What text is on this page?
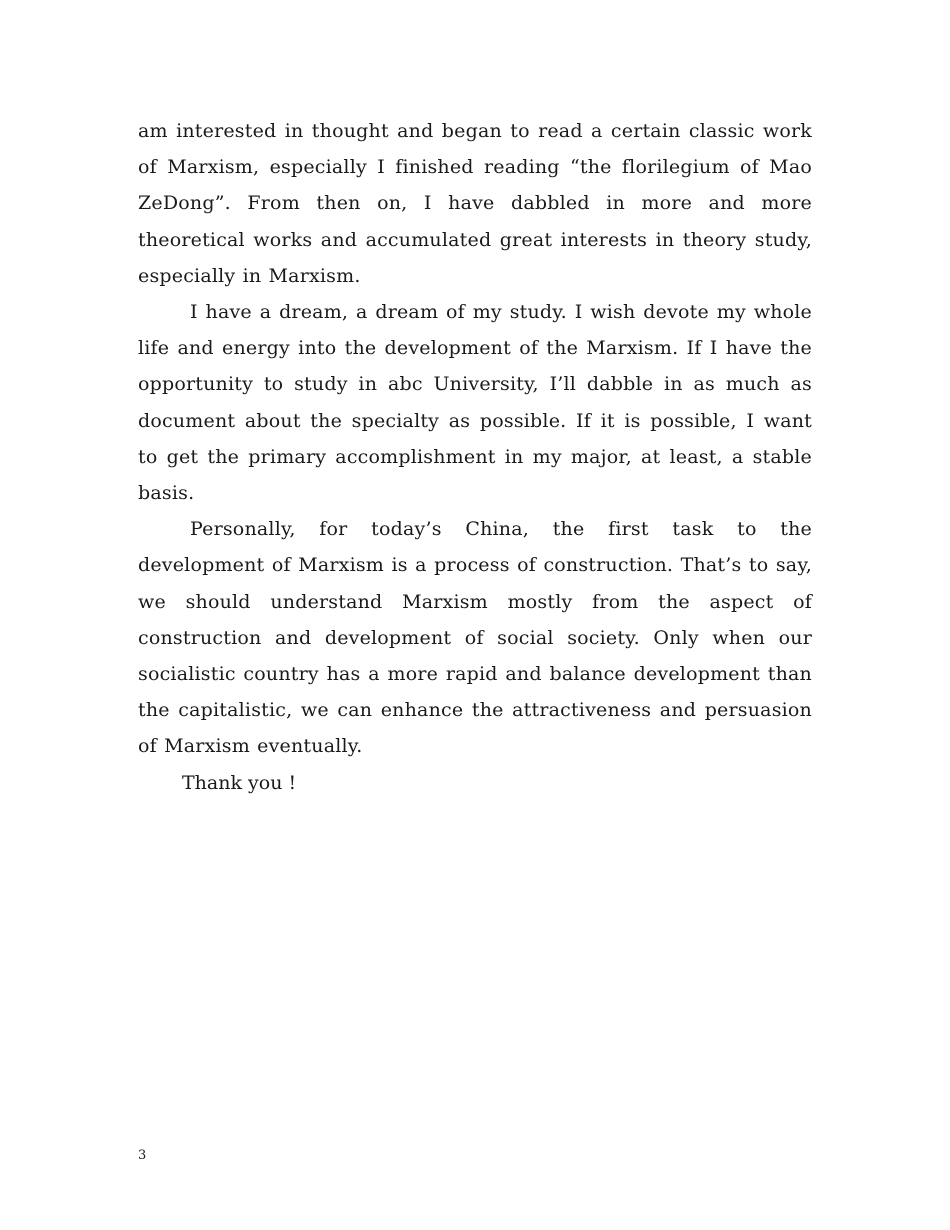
am interested in thought and began to read a certain classic work of Marxism, especially I finished reading “the florilegium of Mao ZeDong”. From then on, I have dabbled in more and more theoretical works and accumulated great interests in theory study, especially in Marxism.

I have a dream, a dream of my study. I wish devote my whole life and energy into the development of the Marxism. If I have the opportunity to study in abc University, I’ll dabble in as much as document about the specialty as possible. If it is possible, I want to get the primary accomplishment in my major, at least, a stable basis.

Personally, for today’s China, the first task to the development of Marxism is a process of construction. That’s to say, we should understand Marxism mostly from the aspect of construction and development of social society. Only when our socialistic country has a more rapid and balance development than the capitalistic, we can enhance the attractiveness and persuasion of Marxism eventually.

Thank you !

3
